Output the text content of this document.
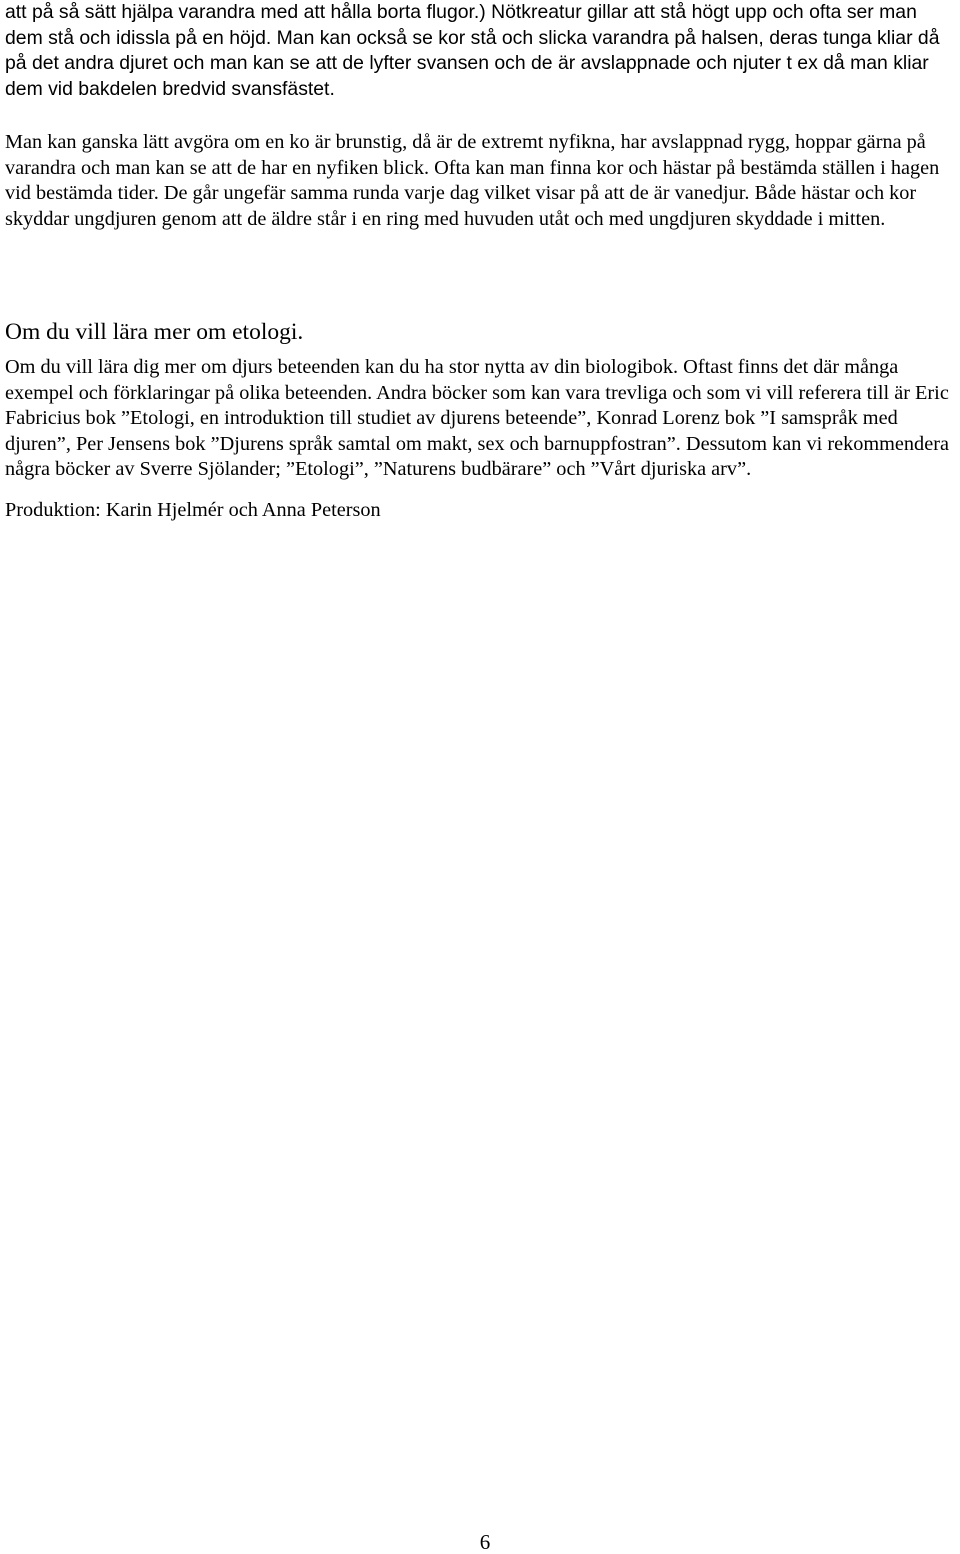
att på så sätt hjälpa varandra med att hålla borta flugor.) Nötkreatur gillar att stå högt upp och ofta ser man dem stå och idissla på en höjd. Man kan också se kor stå och slicka varandra på halsen, deras tunga kliar då på det andra djuret och man kan se att de lyfter svansen och de är avslappnade och njuter t ex då man kliar dem vid bakdelen bredvid svansfästet.

Man kan ganska lätt avgöra om en ko är brunstig, då är de extremt nyfikna, har avslappnad rygg, hoppar gärna på varandra och man kan se att de har en nyfiken blick. Ofta kan man finna kor och hästar på bestämda ställen i hagen vid bestämda tider. De går ungefär samma runda varje dag vilket visar på att de är vanedjur. Både hästar och kor skyddar ungdjuren genom att de äldre står i en ring med huvuden utåt och med ungdjuren skyddade i mitten.

Om du vill lära mer om etologi.

Om du vill lära dig mer om djurs beteenden kan du ha stor nytta av din biologibok. Oftast finns det där många exempel och förklaringar på olika beteenden. Andra böcker som kan vara trevliga och som vi vill referera till är Eric Fabricius bok ”Etologi, en introduktion till studiet av djurens beteende”, Konrad Lorenz bok ”I samspråk med djuren”, Per Jensens bok ”Djurens språk samtal om makt, sex och barnuppfostran”. Dessutom kan vi rekommendera några böcker av Sverre Sjölander; ”Etologi”, ”Naturens budbärare” och ”Vårt djuriska arv”.

Produktion: Karin Hjelmér och Anna Peterson

6
